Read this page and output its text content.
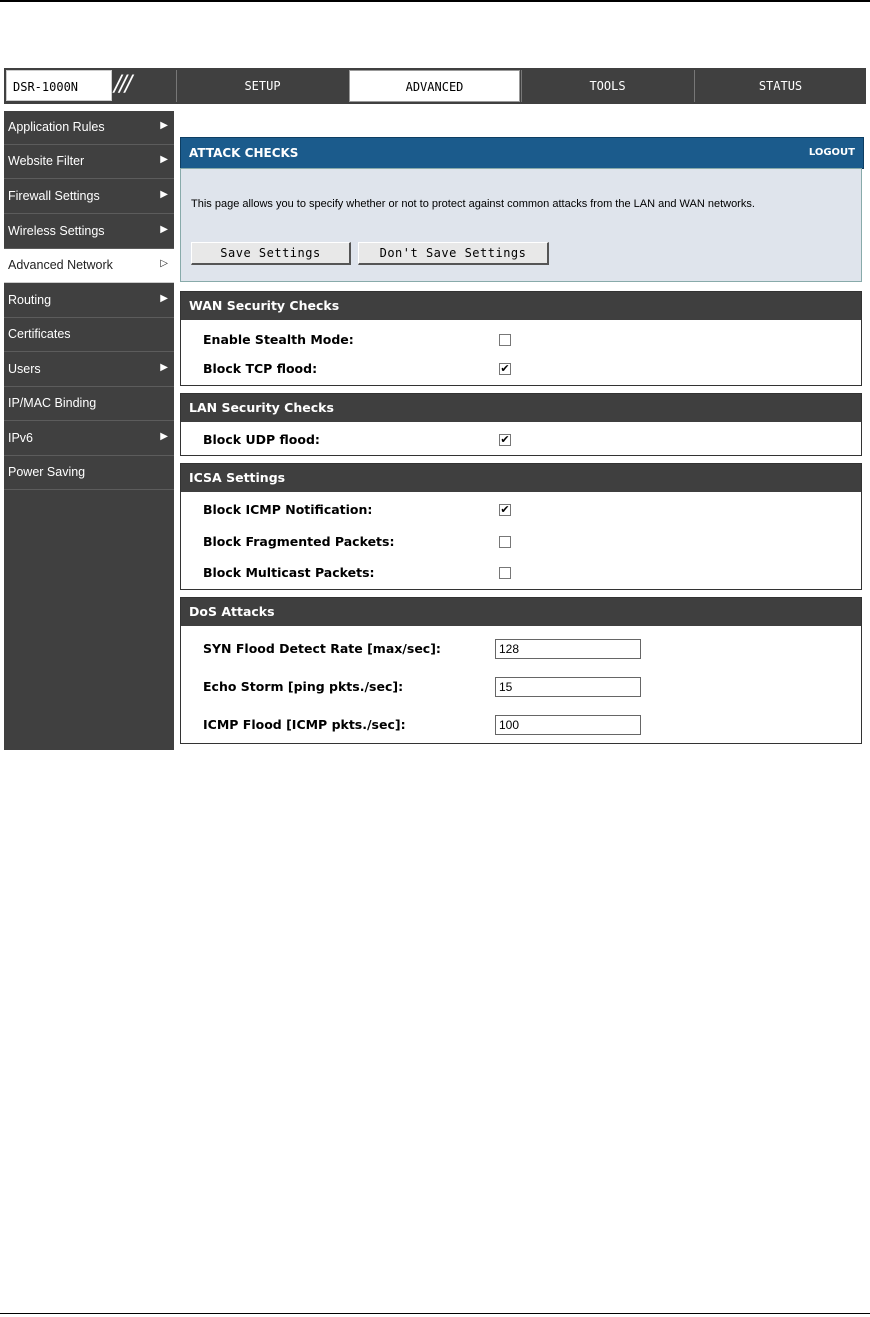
DSR-1000N ///	SETUP	ADVANCED	TOOLS	STATUS
Application Rules	▶
Website Filter	▶
Firewall Settings	▶
Wireless Settings	▶
Advanced Network	▷
Routing	▶
Certificates
Users	▶
IP/MAC Binding
IPv6	▶
Power Saving
ATTACK CHECKS	LOGOUT
This page allows you to specify whether or not to protect against common attacks from the LAN and WAN networks.
Save Settings	Don't Save Settings
WAN Security Checks
Enable Stealth Mode:
Block TCP flood:	✔
LAN Security Checks
Block UDP flood:	✔
ICSA Settings
Block ICMP Notification:	✔
Block Fragmented Packets:
Block Multicast Packets:
DoS Attacks
SYN Flood Detect Rate [max/sec]:
128
Echo Storm [ping pkts./sec]:
15
ICMP Flood [ICMP pkts./sec]:
100
